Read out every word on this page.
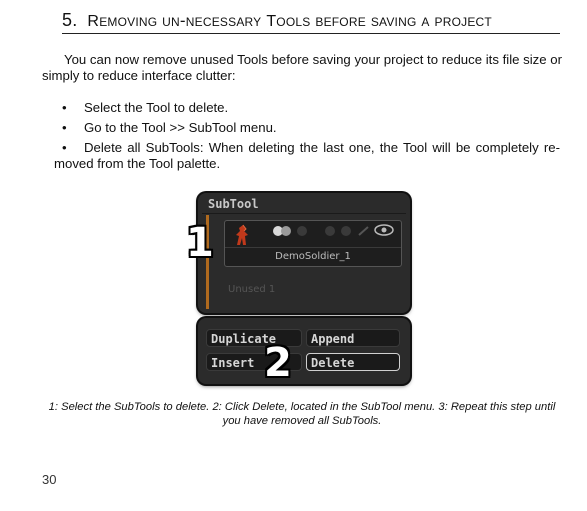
5. Removing un-necessary Tools before saving a project
You can now remove unused Tools before saving your project to reduce its file size or simply to reduce interface clutter:
• Select the Tool to delete.
• Go to the Tool >> SubTool menu.
• Delete all SubTools: When deleting the last one, the Tool will be completely re-moved from the Tool palette.
SubTool
DemoSoldier_1
Unused 1
Duplicate	Append
Insert	Delete
1
2
1: Select the SubTools to delete. 2: Click Delete, located in the SubTool menu. 3: Repeat this step until you have removed all SubTools.
30
